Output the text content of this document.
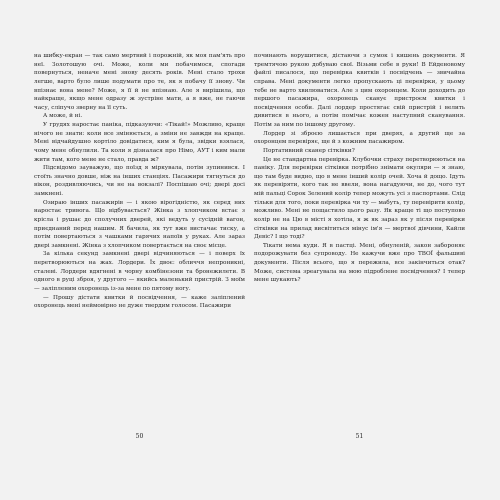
на шибку-екран — так само мертвий і порожній, як моя пам'ять про неї. Золотошую очі. Може, коли ми побачимося, спогади повернуться, неначе мені знову десять років. Мені стало трохи легше, варто було лише подумати про те, як я побачу її знову. Чи впізнає вона мене? Може, я її й не впізнаю. Але я вирішила, що найкраще, якщо мене одразу ж зустріне мати, а я вже, не гаючи часу, сліпучо зверну на її суть.

А може, й ні.

У грудях наростає паніка, підказуючи: «Тікай!» Можливо, краще нічого не знати: коли все змінюється, а зміни не завжди на краще. Мені відчайдушно кортіло довідатися, ким я була, звідки взялася, чому мене обнулили. Та коли я дізналася про Німо, АУТ і ким мали жити там, кого мене не стало, правда ж?

Підсвідомо зауважую, що поїзд я міркувала, потім зупинився. І стоїть значно довше, ніж на інших станціях. Пасажири тягнуться до вікон, роздивляючись, чи не на вокзалі? Поспішаю очі; двері досі замкнені.

Озираю інших пасажирів — і якою вірогідністю, як серед них наростає тривога. Що відбувається? Жінка з хлопчиком встає з крісла і рушає до сполучних дверей, які ведуть у сусідній вагон, приєднаний перед нашим. Я бачила, як тут вже вистачає тиску, а потім повертаються з чашками гарячих напоїв у руках. Але зараз двері замкнені. Жінка з хлопчиком повертається на своє місце.

За кілька секунд замкнені двері відчиняються — і поверх їх перетворюються на жах. Лордери. Їх двоє: обличчя непроникні, сталеві. Лордери вдягнені в чорну комбінезони та бронежилети. В одного в руці зброя, у другого — якийсь маленький пристрій. З моїм — заліпленим охоронець із-за мене по пятому ногу.

— Прошу дістати квитки й посвідчення, — каже заліплений охоронець мені неймовірно нe дуже твердим голосом. Пасажири

50

починають ворушитися, дістаючи з сумок і кишень документи. Я тремтячою рукою добуваю свої. Візьми себе в руки! В Ейденовому файлі писалося, що перевірка квитків і посвідчень — звичайна справа. Мені документи легко пропускають ці перевірки, у цьому тебе не варто хвилюватися. Але з цим охоронцем. Коли доходить до першого пасажира, охоронець сканує пристроєм квитки і посвідчення особи. Далі лордер простягає свій пристрій і велить дивитися в нього, а потім помічає кожен наступний сканування. Потім за ним по іншому другому.

Лордер зі зброєю лишається при дверях, а другий ще за охоронцем перевіряє, ще й з кожним пасажиром.

Портативний сканер сітківки?

Це не стандартна перевірка. Клубочки страху перетворюються на паніку. Для перевірки сітківки потрібно знімати окуляри — я знаю, що там буде видно, що в мене інший колір очей. Хоча й дощо. Ідуть як перевіряти, кого так не ввели, вона нагадуючи, не до, чого тут мій пальці Сорок Зелений колір тепер можуть усі з паспортами. Слід тільки для того, поки перевірка чи ту — мабуть, ту перевірити колір, можливо. Мені не пощастило цього разу. Як краще ті що поступово колір не на Цю в місті я хотіла, я ж як зараз як у після перевірки сітківки на прилад висвітиться мінус ім'я — мертвої дівчини, Кайли Девіс? І що тоді?

Тікати нема куди. Я в пастці. Мені, обнуленій, закон забороняє подорожувати без супроводу. Не кажучи вже про ТВОЇ фальшиві документи. Після всього, що я пережила, все закінчиться отак? Може, система зреагувала на мою підроблене посвідчення? І тепер мене шукають?

51
